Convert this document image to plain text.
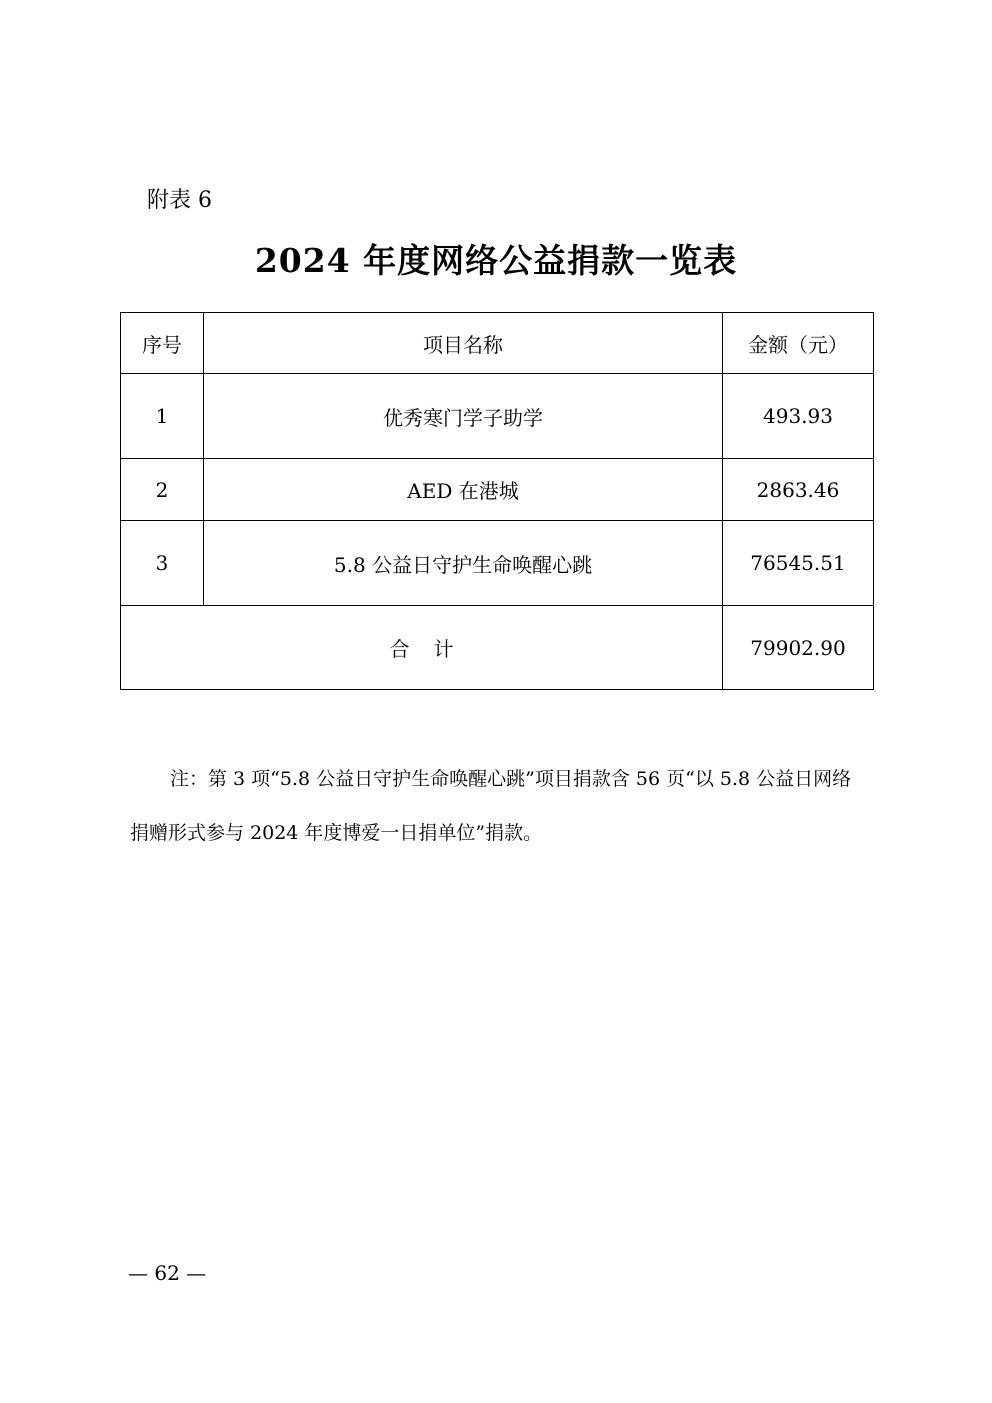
附表 6
2024 年度网络公益捐款一览表
序号	项目名称	金额（元）
1	优秀寒门学子助学	493.93
2	AED 在港城	2863.46
3	5.8 公益日守护生命唤醒心跳	76545.51
合计		79902.90

注：第 3 项“5.8 公益日守护生命唤醒心跳”项目捐款含 56 页“以 5.8 公益日网络捐赠形式参与 2024 年度博爱一日捐单位”捐款。

— 62 —
